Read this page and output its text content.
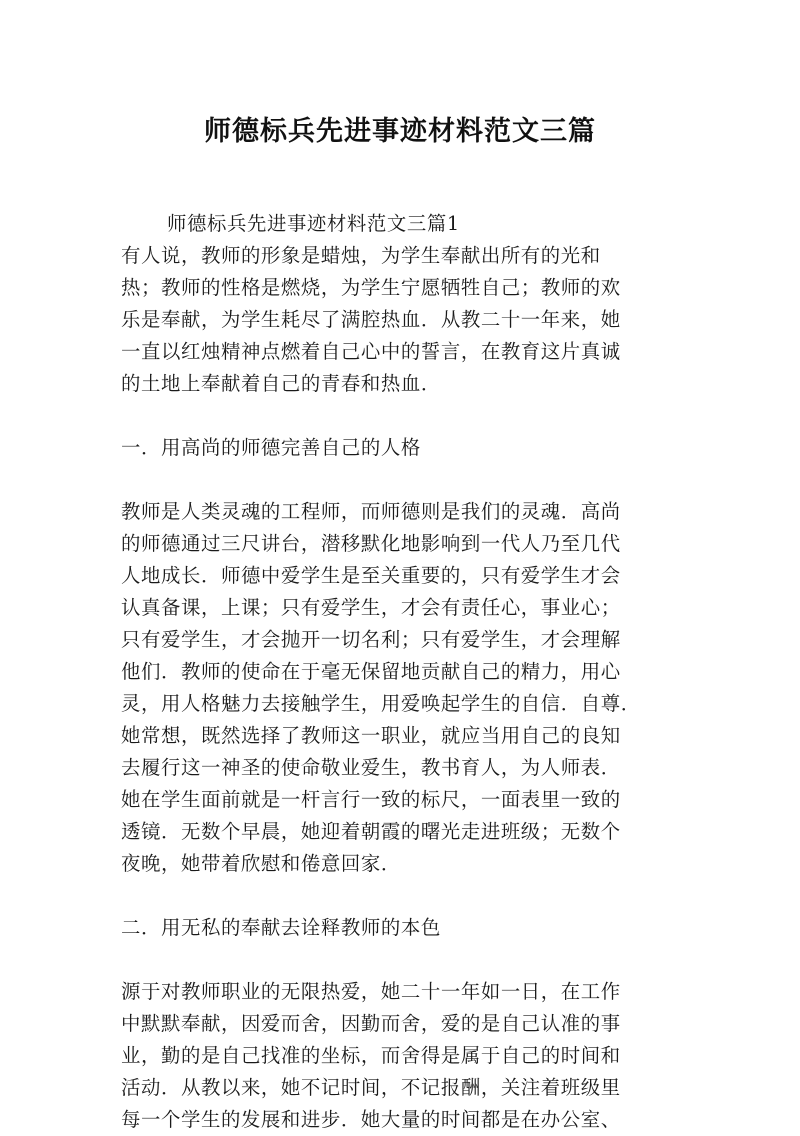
师德标兵先进事迹材料范文三篇
师德标兵先进事迹材料范文三篇1
有人说，教师的形象是蜡烛，为学生奉献出所有的光和
热；教师的性格是燃烧，为学生宁愿牺牲自己；教师的欢
乐是奉献，为学生耗尽了满腔热血．从教二十一年来，她
一直以红烛精神点燃着自己心中的誓言，在教育这片真诚
的土地上奉献着自己的青春和热血．
一．用高尚的师德完善自己的人格
教师是人类灵魂的工程师，而师德则是我们的灵魂．高尚
的师德通过三尺讲台，潜移默化地影响到一代人乃至几代
人地成长．师德中爱学生是至关重要的，只有爱学生才会
认真备课，上课；只有爱学生，才会有责任心，事业心；
只有爱学生，才会抛开一切名利；只有爱学生，才会理解
他们．教师的使命在于毫无保留地贡献自己的精力，用心
灵，用人格魅力去接触学生，用爱唤起学生的自信．自尊．
她常想，既然选择了教师这一职业，就应当用自己的良知
去履行这一神圣的使命敬业爱生，教书育人，为人师表．
她在学生面前就是一杆言行一致的标尺，一面表里一致的
透镜．无数个早晨，她迎着朝霞的曙光走进班级；无数个
夜晚，她带着欣慰和倦意回家．
二．用无私的奉献去诠释教师的本色
源于对教师职业的无限热爱，她二十一年如一日，在工作
中默默奉献，因爱而舍，因勤而舍，爱的是自己认准的事
业，勤的是自己找准的坐标，而舍得是属于自己的时间和
活动．从教以来，她不记时间，不记报酬，关注着班级里
每一个学生的发展和进步．她大量的时间都是在办公室、
